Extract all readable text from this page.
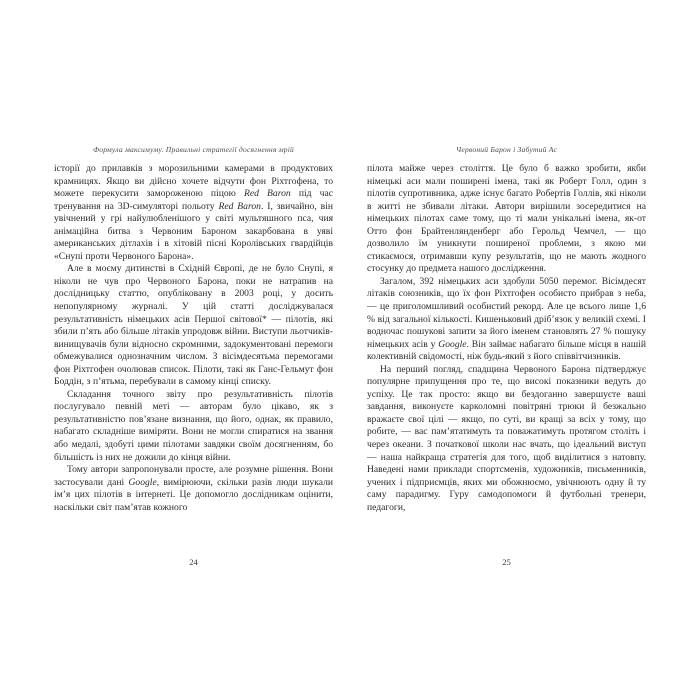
Формула максимуму. Правильні стратегії досягнення мрій

історії до прилавків з морозильними камерами в продуктових крамницях. Якщо ви дійсно хочете відчути фон Ріхтгофена, то можете перекусити замороженою піцою Red Baron під час тренування на 3D-симуляторі польоту Red Baron. І, звичайно, він увічнений у грі найулюбленішого у світі мультяшного пса, чия анімаційна битва з Червоним Бароном закарбована в уяві американських дітлахів і в хітовій пісні Королівських гвардійців «Снупі проти Червоного Барона».

Але в моєму дитинстві в Східній Європі, де не було Снупі, я ніколи не чув про Червоного Барона, поки не натрапив на дослідницьку статтю, опубліковану в 2003 році, у досить непопулярному журналі. У цій статті досліджувалася результативність німецьких асів Першої світової* — пілотів, які збили п’ять або більше літаків упродовж війни. Виступи льотчиків-винищувачів були відносно скромними, задокументовані перемоги обмежувалися однозначним числом. З вісімдесятьма перемогами фон Ріхтгофен очолював список. Пілоти, такі як Ганс-Гельмут фон Боддін, з п’ятьма, перебували в самому кінці списку.

Складання точного звіту про результативність пілотів послугувало певній меті — авторам було цікаво, як з результативністю пов’язане визнання, що його, однак, як правило, набагато складніше виміряти. Вони не могли спиратися на звання або медалі, здобуті цими пілотами завдяки своїм досягненням, бо більшість із них не дожили до кінця війни.

Тому автори запропонували просте, але розумне рішення. Вони застосували дані Google, вимірюючи, скільки разів люди шукали ім’я цих пілотів в інтернеті. Це допомогло дослідникам оцінити, наскільки світ пам’ятав кожного

24
Червоний Барон і Забутий Ас

пілота майже через століття. Це було б важко зробити, якби німецькі аси мали поширені імена, такі як Роберт Голл, один з пілотів супротивника, адже існує багато Робертів Голлів, які ніколи в житті не збивали літаки. Автори вирішили зосередитися на німецьких пілотах саме тому, що ті мали унікальні імена, як-от Отто фон Брайтенлянденберг або Герольд Чемчел, — що дозволило їм уникнути поширеної проблеми, з якою ми стикаємося, отримавши купу результатів, що не мають жодного стосунку до предмета нашого дослідження.

Загалом, 392 німецьких аси здобули 5050 перемог. Вісімдесят літаків союзників, що їх фон Ріхтгофен особисто прибрав з неба, — це приголомшливий особистий рекорд. Але це всього лише 1,6 % від загальної кількості. Кишеньковий дріб’язок у великій схемі. І водночас пошукові запити за його іменем становлять 27 % пошуку німецьких асів у Google. Він займає набагато більше місця в нашій колективній свідомості, ніж будь-який з його співвітчизників.

На перший погляд, спадщина Червоного Барона підтверджує популярне припущення про те, що високі показники ведуть до успіху. Це так просто: якщо ви бездоганно завершуєте ваші завдання, виконуєте карколомні повітряні трюки й безжально вражаєте свої цілі — якщо, по суті, ви кращі за всіх у тому, що робите, — вас пам’ятатимуть та поважатимуть протягом століть і через океани. З початкової школи нас вчать, що ідеальний виступ — наша найкраща стратегія для того, щоб виділитися з натовпу. Наведені нами приклади спортсменів, художників, письменників, учених і підприємців, яких ми обожнюємо, увічнюють одну й ту саму парадигму. Гуру самодопомоги й футбольні тренери, педагоги,

25
